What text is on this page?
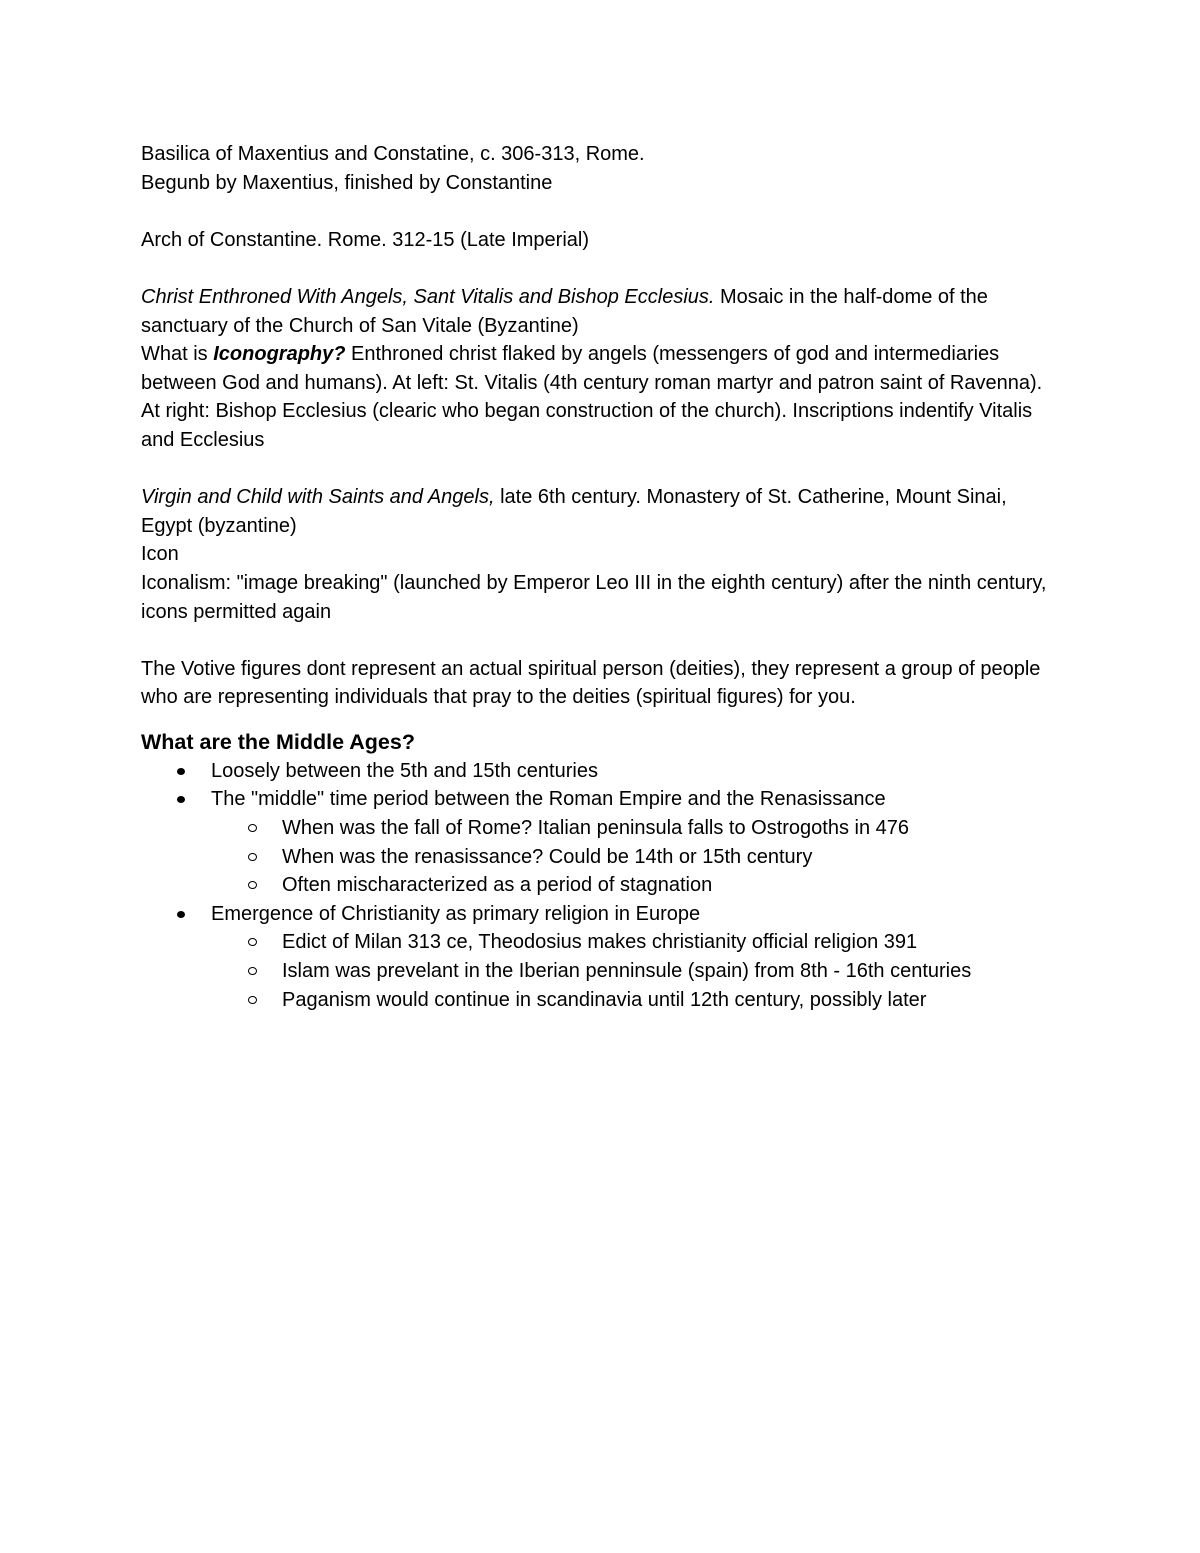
Basilica of Maxentius and Constatine, c. 306-313, Rome.

Begunb by Maxentius, finished by Constantine

Arch of Constantine. Rome. 312-15 (Late Imperial)

Christ Enthroned With Angels, Sant Vitalis and Bishop Ecclesius. Mosaic in the half-dome of the sanctuary of the Church of San Vitale (Byzantine)

What is Iconography? Enthroned christ flaked by angels (messengers of god and intermediaries between God and humans). At left: St. Vitalis (4th century roman martyr and patron saint of Ravenna). At right: Bishop Ecclesius (clearic who began construction of the church). Inscriptions indentify Vitalis and Ecclesius

Virgin and Child with Saints and Angels, late 6th century. Monastery of St. Catherine, Mount Sinai, Egypt (byzantine)

Icon

Iconalism: "image breaking" (launched by Emperor Leo III in the eighth century) after the ninth century, icons permitted again

The Votive figures dont represent an actual spiritual person (deities), they represent a group of people who are representing individuals that pray to the deities (spiritual figures) for you.

What are the Middle Ages?
Loosely between the 5th and 15th centuries
The "middle" time period between the Roman Empire and the Renasissance
When was the fall of Rome? Italian peninsula falls to Ostrogoths in 476
When was the renasissance? Could be 14th or 15th century
Often mischaracterized as a period of stagnation
Emergence of Christianity as primary religion in Europe
Edict of Milan 313 ce, Theodosius makes christianity official religion 391
Islam was prevelant in the Iberian penninsule (spain) from 8th - 16th centuries
Paganism would continue in scandinavia until 12th century, possibly later
